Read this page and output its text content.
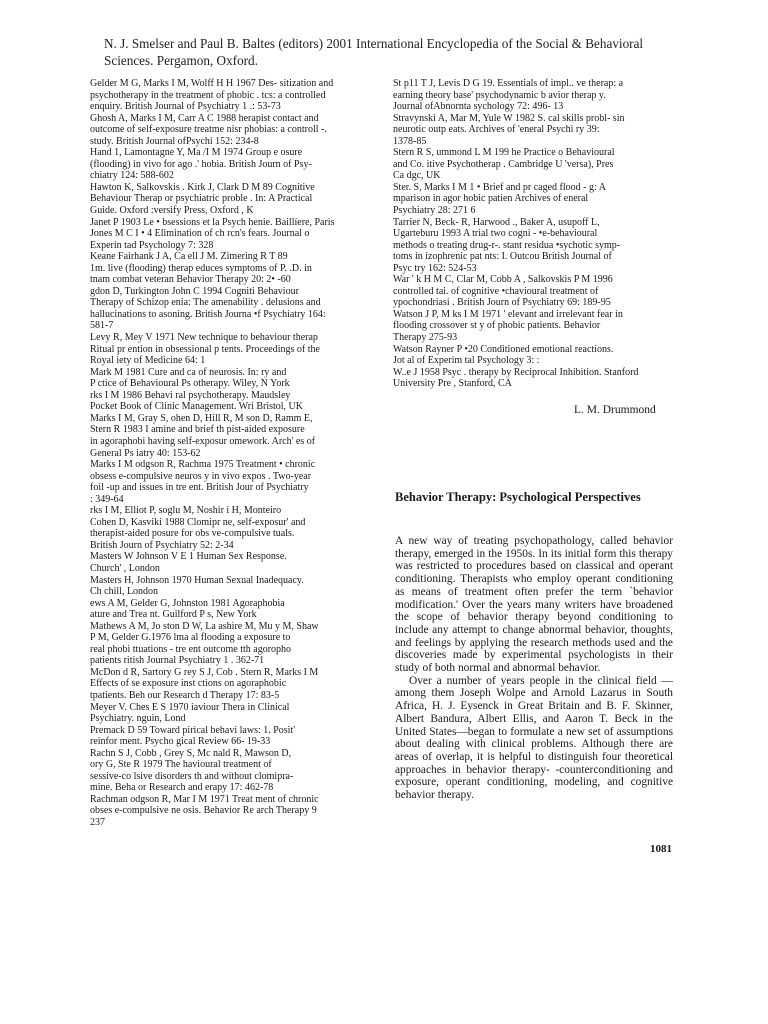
N. J. Smelser and Paul B. Baltes (editors) 2001 International Encyclopedia of the Social & Behavioral
Sciences. Pergamon, Oxford.

Gelder M G, Marks I M, Wolff H H 1967 Des- sitization and

psychotherapy in the treatment of phobic . tcs: a controlled

enquiry. British Journal of Psychiatry 1 .: 53-73

Ghosh A, Marks I M, Carr A C 1988 herapist contact and

outcome of self-exposure treatme nisr phobias: a controll -.

study. British Journal ofPsychi 152: 234-8

Hand 1, Lamontagne Y, Ma /I M 1974 Group e osure

(flooding) in vivo for ago .' hobia. British Journ of Psy-

chiatry 124: 588-602

Hawton K, Salkovskis . Kirk J, Clark D M 89 Cognitive

Behaviour Therap or psychiatric proble . In: A Practical

Guide. Oxford :versify Press, Oxford , K

Janet P 1903 Le • bsessions et la Psych henie. Baillíere, Paris

Jones M C I • 4 Elimination of ch rcn's fears. Journal o

Experin tad Psychology 7: 328

Keane Fairhank J A, Ca ell J M. Zimering R T 89

1m. live (flooding) therap educes symptoms of P. .D. in

tnam combat veteran Behavior Therapy 20: 2• -60

gdon D, Turkington John C 1994 Cogniti Behaviour

Therapy of Schizop enia: The amenability . delusions and

hallucinations to asoning. British Journa •f Psychiatry 164:

581-7

Levy R, Mey V 1971 New technique to behaviour therap

Ritual pr ention in obsessional p tents. Proceedings of the

Royal iety of Medicine 64: 1

Mark M 1981 Cure and ca of neurosis. In: ry and

P ctice of Behavioural Ps otherapy. Wiley, N York

rks I M 1986 Behavi ral psychotherapy. Maudsley

Pocket Book of Clinic Management. Wri Bristol, UK

Marks I M, Gray S, ohen D, Hill R, M son D, Ramm E,

Stern R 1983 I amine and brief th pist-aided exposure

in agoraphobi having self-exposur omework. Arch' es of

General Ps iatry 40: 153-62

Marks I M odgson R, Rachma 1975 Treatment • chronic

obsess e-compulsive neuros y in vivo expos . Two-year

foil -up and issues in tre ent. British Jour of Psychiatry

: 349-64

rks I M, Elliot P, soglu M, Noshir i H, Monteiro

Cohen D, Kasviki 1988 Clomipr ne, self-exposur' and

therapist-aided posure for obs ve-compulsive tuals.

British Journ of Psychiatry 52: 2-34

Masters W Johnson V E 1 Human Sex Response.

Church' , London

Masters H, Johnson 1970 Human Sexual Inadequacy.

Ch chill, London

ews A M, Gelder G, Johnston 1981 Agoraphobia

ature and Trea nt. Guilford P s, New York

Mathews A M, Jo ston D W, La ashire M, Mu y M, Shaw

P M, Gelder G.1976 lma al flooding a exposure to

real phobi ttuations - tre ent outcome tth agoropho

patients ritish Journal Psychiatry 1 . 362-71

McDon d R, Sartory G rey S J, Cob . Stern R, Marks I M

Effects of se exposure inst ctions on agoraphobic

tpatients. Beh our Research d Therapy 17: 83-5

Meyer V. Ches E S 1970 iaviour Thera in Clinical

Psychiatry. nguin, Lond

Premack D 59 Toward pirical behavi laws: 1. Posit'

reinfor ment. Psycho gical Review 66- 19-33

Rachn S J, Cobb , Grey S, Mc nald R, Mawson D,

ory G, Ste R 1979 The havioural treatment of

sessive-co lsive disorders th and without clomipra-

mine. Beha or Research and erapy 17: 462-78

Rachman odgson R, Mar I M 1971 Treat ment of chronic

obses e-compulsive ne osis. Behavior Re arch Therapy 9

237

St p11 T J, Levis D G 19. Essentials of impl.. ve therap: a

earning theory base' psychodynamic b avior therap y.

Journal ofAbnornta sychology 72: 496- 13

Stravynski A, Mar M, Yule W 1982 S. cal skills probl- sin

neurotic outp eats. Archives of 'eneral Psychi ry 39:

1378-85

Stern R S, ummond L M 199 he Practice o Behavioural

and Co. itive Psychotherap . Cambridge U 'versa), Pres

Ca dgc, UK

Ster. S, Marks I M 1 • Brief and pr caged flood - g: A

mparison in agor hobic patien Archives of eneral

Psychiatry 28: 271 6

Tarrier N, Beck- R, Harwood ., Baker A, usupoff L,

Ugarteburu 1993 A trial two cogni - •e-behavioural

methods o treating drug-r-. stant residua •sychotic symp-

toms in izophrenic pat nts: I. Outcou British Journal of

Psyc try 162: 524-53

War ' k H M C, Clar M, Cobb A , Salkovskis P M 1996

controlled tai. of cognitive •chavioural treatment of

ypochondriasi . British Journ of Psychiatry 69: 189-95

Watson J P, M ks I M 1971 ' elevant and irrelevant fear in

flooding crossover st y of phobic patients. Behavior

Therapy 275-93

Watson Rayner P •20 Conditioned emotional reactions.

Jot al of Experim tal Psychology 3: :

W..e J 1958 Psyc . therapy by Reciprocal Inhibition. Stanford

University Pre , Stanford, CA

L. M. Drummond
Behavior Therapy: Psychological Perspectives

A new way of treating psychopathology, called behavior therapy, emerged in the 1950s. In its initial form this therapy was restricted to procedures based on classical and operant conditioning. Therapists who employ operant conditioning as means of treatment often prefer the term `behavior modification.' Over the years many writers have broadened the scope of behavior therapy beyond conditioning to include any attempt to change abnormal behavior, thoughts, and feelings by applying the research methods used and the discoveries made by experimental psychologists in their study of both normal and abnormal behavior.

Over a number of years people in the clinical field —among them Joseph Wolpe and Arnold Lazarus in South Africa, H. J. Eysenck in Great Britain and B. F. Skinner, Albert Bandura, Albert Ellis, and Aaron T. Beck in the United States—began to formulate a new set of assumptions about dealing with clinical problems. Although there are areas of overlap, it is helpful to distinguish four theoretical approaches in behavior therapy- -counterconditioning and exposure, operant conditioning, modeling, and cognitive behavior therapy.

1081
